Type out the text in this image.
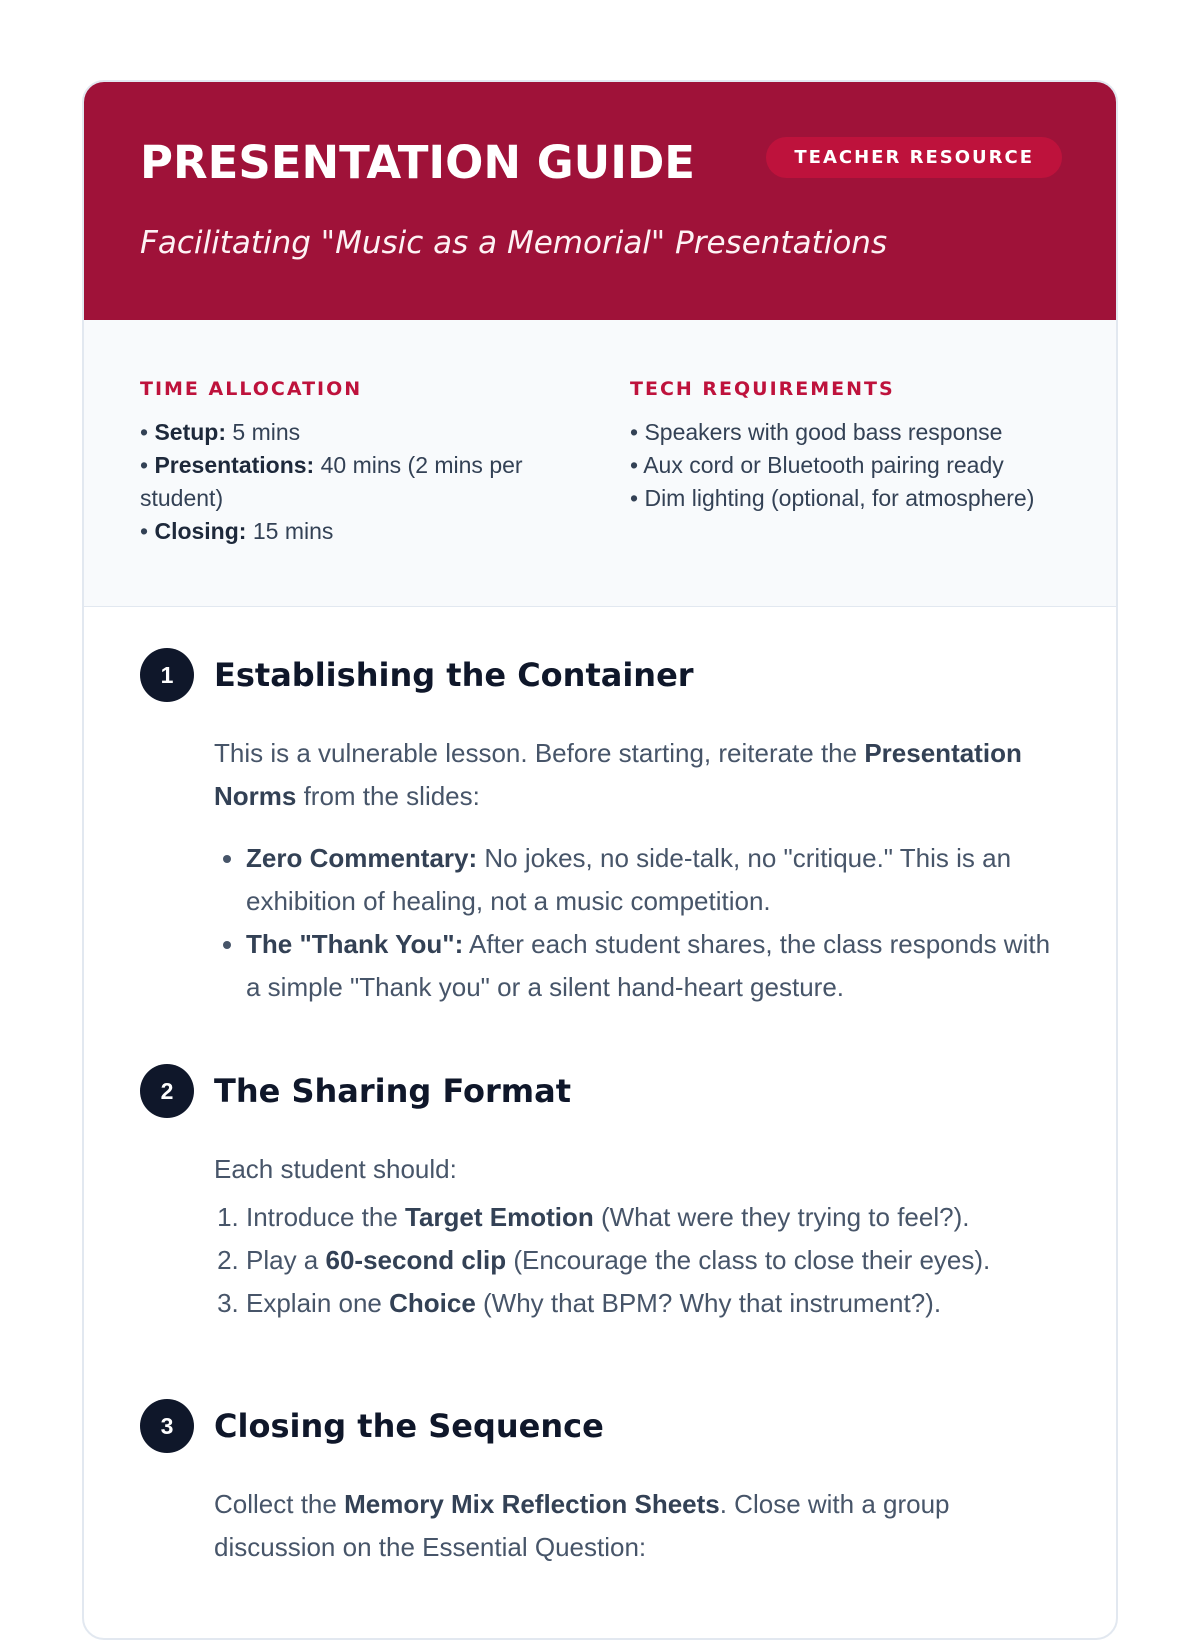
PRESENTATION GUIDE	TEACHER RESOURCE

Facilitating "Music as a Memorial" Presentations

TIME ALLOCATION

• Setup: 5 mins

• Presentations: 40 mins (2 mins per student)

• Closing: 15 mins

TECH REQUIREMENTS

• Speakers with good bass response

• Aux cord or Bluetooth pairing ready

• Dim lighting (optional, for atmosphere)

1	Establishing the Container

This is a vulnerable lesson. Before starting, reiterate the Presentation Norms from the slides:

• Zero Commentary: No jokes, no side-talk, no "critique." This is an exhibition of healing, not a music competition.
• The "Thank You": After each student shares, the class responds with a simple "Thank you" or a silent hand-heart gesture.
2	The Sharing Format

Each student should:

1. Introduce the Target Emotion (What were they trying to feel?).
2. Play a 60-second clip (Encourage the class to close their eyes).
3. Explain one Choice (Why that BPM? Why that instrument?).
3	Closing the Sequence

Collect the Memory Mix Reflection Sheets. Close with a group discussion on the Essential Question:
